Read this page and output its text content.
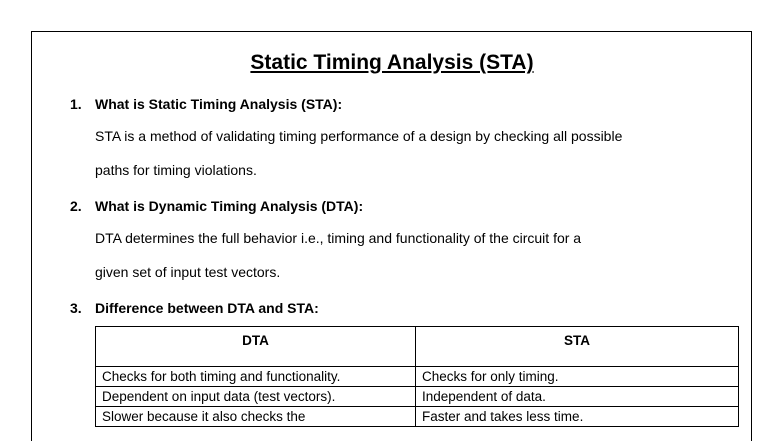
Static Timing Analysis (STA)
1. What is Static Timing Analysis (STA):
STA is a method of validating timing performance of a design by checking all possible
paths for timing violations.
2. What is Dynamic Timing Analysis (DTA):
DTA determines the full behavior i.e., timing and functionality of the circuit for a
given set of input test vectors.
3. Difference between DTA and STA:
DTA	STA
Checks for both timing and functionality.	Checks for only timing.
Dependent on input data (test vectors).	Independent of data.
Slower because it also checks the	Faster and takes less time.
